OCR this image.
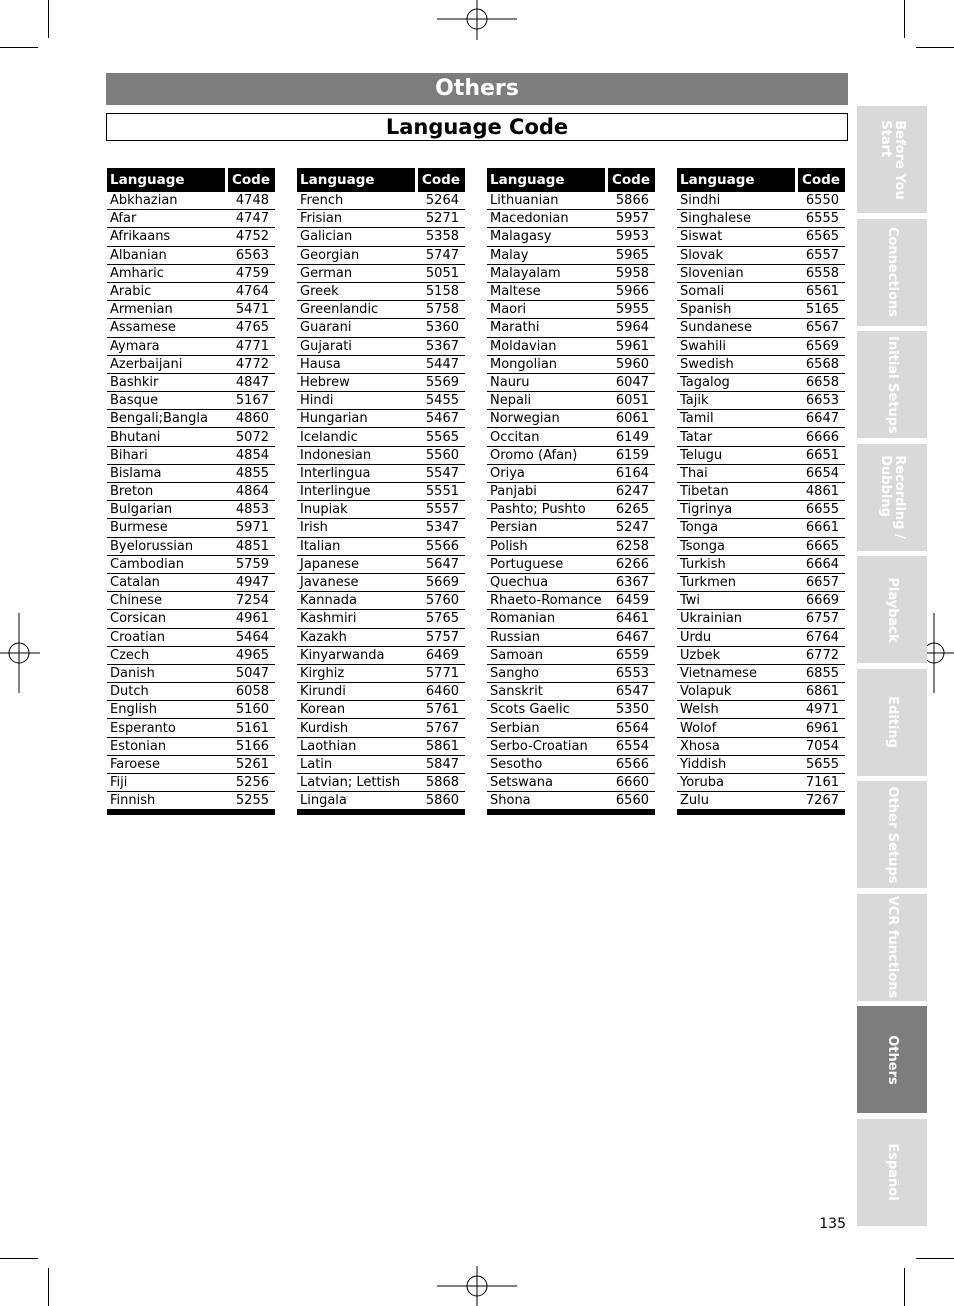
Others
Language Code
Language	Code
Abkhazian	4748
Afar	4747
Afrikaans	4752
Albanian	6563
Amharic	4759
Arabic	4764
Armenian	5471
Assamese	4765
Aymara	4771
Azerbaijani	4772
Bashkir	4847
Basque	5167
Bengali;Bangla	4860
Bhutani	5072
Bihari	4854
Bislama	4855
Breton	4864
Bulgarian	4853
Burmese	5971
Byelorussian	4851
Cambodian	5759
Catalan	4947
Chinese	7254
Corsican	4961
Croatian	5464
Czech	4965
Danish	5047
Dutch	6058
English	5160
Esperanto	5161
Estonian	5166
Faroese	5261
Fiji	5256
Finnish	5255

Language	Code
French	5264
Frisian	5271
Galician	5358
Georgian	5747
German	5051
Greek	5158
Greenlandic	5758
Guarani	5360
Gujarati	5367
Hausa	5447
Hebrew	5569
Hindi	5455
Hungarian	5467
Icelandic	5565
Indonesian	5560
Interlingua	5547
Interlingue	5551
Inupiak	5557
Irish	5347
Italian	5566
Japanese	5647
Javanese	5669
Kannada	5760
Kashmiri	5765
Kazakh	5757
Kinyarwanda	6469
Kirghiz	5771
Kirundi	6460
Korean	5761
Kurdish	5767
Laothian	5861
Latin	5847
Latvian; Lettish	5868
Lingala	5860

Language	Code
Lithuanian	5866
Macedonian	5957
Malagasy	5953
Malay	5965
Malayalam	5958
Maltese	5966
Maori	5955
Marathi	5964
Moldavian	5961
Mongolian	5960
Nauru	6047
Nepali	6051
Norwegian	6061
Occitan	6149
Oromo (Afan)	6159
Oriya	6164
Panjabi	6247
Pashto; Pushto	6265
Persian	5247
Polish	6258
Portuguese	6266
Quechua	6367
Rhaeto-Romance	6459
Romanian	6461
Russian	6467
Samoan	6559
Sangho	6553
Sanskrit	6547
Scots Gaelic	5350
Serbian	6564
Serbo-Croatian	6554
Sesotho	6566
Setswana	6660
Shona	6560

Language	Code
Sindhi	6550
Singhalese	6555
Siswat	6565
Slovak	6557
Slovenian	6558
Somali	6561
Spanish	5165
Sundanese	6567
Swahili	6569
Swedish	6568
Tagalog	6658
Tajik	6653
Tamil	6647
Tatar	6666
Telugu	6651
Thai	6654
Tibetan	4861
Tigrinya	6655
Tonga	6661
Tsonga	6665
Turkish	6664
Turkmen	6657
Twi	6669
Ukrainian	6757
Urdu	6764
Uzbek	6772
Vietnamese	6855
Volapuk	6861
Welsh	4971
Wolof	6961
Xhosa	7054
Yiddish	5655
Yoruba	7161
Zulu	7267

Before You
Start
Connections
Initial Setups
Recording /
Dubbing
Playback
Editing
Other Setups
VCR functions
Others
Español
135
